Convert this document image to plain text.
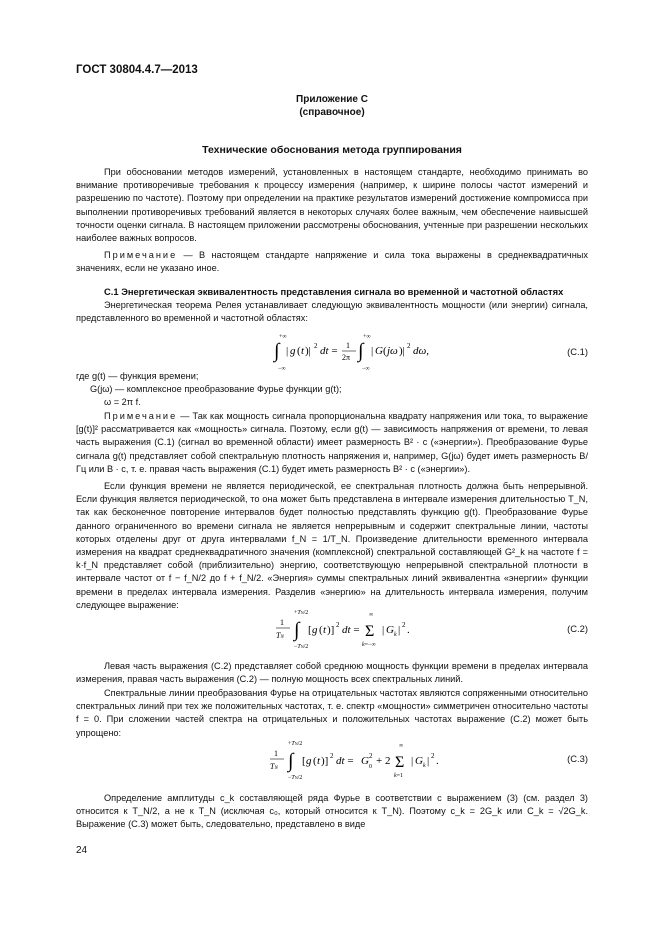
ГОСТ 30804.4.7—2013
Приложение С
(справочное)
Технические обоснования метода группирования

При обосновании методов измерений, установленных в настоящем стандарте, необходимо принимать во внимание противоречивые требования к процессу измерения (например, к ширине полосы частот измерений и разрешению по частоте). Поэтому при определении на практике результатов измерений достижение компромисса при выполнении противоречивых требований является в некоторых случаях более важным, чем обеспечение наивысшей точности оценки сигнала. В настоящем приложении рассмотрены обоснования, учтенные при разрешении нескольких наиболее важных вопросов.

Примечание — В настоящем стандарте напряжение и сила тока выражены в среднеквадратичных значениях, если не указано иное.

С.1 Энергетическая эквивалентность представления сигнала во временной и частотной областях

Энергетическая теорема Релея устанавливает следующую эквивалентность мощности (или энергии) сигнала, представленного во временной и частотной областях:

+∞
∫
−∞
| g ( t )| 2 dt = 1
2π
+∞
∫
−∞
| G ( jω )| 2 dω,	(С.1)
где g(t) — функция времени;
G(jω) — комплексное преобразование Фурье функции g(t);
ω = 2π f.

Примечание — Так как мощность сигнала пропорциональна квадрату напряжения или тока, то выражение [g(t)]² рассматривается как «мощность» сигнала. Поэтому, если g(t) — зависимость напряжения от времени, то левая часть выражения (С.1) (сигнал во временной области) имеет размерность В² · с («энергии»). Преобразование Фурье сигнала g(t) представляет собой спектральную плотность напряжения и, например, G(jω) будет иметь размерность В/Гц или В · с, т. е. правая часть выражения (С.1) будет иметь размерность В² · с («энергии»).

Если функция времени не является периодической, ее спектральная плотность должна быть непрерывной. Если функция является периодической, то она может быть представлена в интервале измерения длительностью T_N, так как бесконечное повторение интервалов будет полностью представлять функцию g(t). Преобразование Фурье данного ограниченного во времени сигнала не является непрерывным и содержит спектральные линии, частоты которых отделены друг от друга интервалами f_N = 1/T_N. Произведение длительности временного интервала измерения на квадрат среднеквадратичного значения (комплексной) спектральной составляющей G²_k на частоте f = k·f_N представляет собой (приблизительно) энергию, соответствующую непрерывной спектральной плотности в интервале частот от f − f_N/2 до f + f_N/2. «Энергия» суммы спектральных линий эквивалентна «энергии» функции времени в пределах интервала измерения. Разделив «энергию» на длительность интервала измерения, получим следующее выражение:

1
TN
+TN/2
∫
−TN/2
[ g ( t )] 2 dt =
∞
Σ
k=−∞
| G k | 2 .	(С.2)

Левая часть выражения (С.2) представляет собой среднюю мощность функции времени в пределах интервала измерения, правая часть выражения (С.2) — полную мощность всех спектральных линий.

Спектральные линии преобразования Фурье на отрицательных частотах являются сопряженными относительно спектральных линий при тех же положительных частотах, т. е. спектр «мощности» симметричен относительно частоты f = 0. При сложении частей спектра на отрицательных и положительных частотах выражение (С.2) может быть упрощено:

1
TN
+TN/2
∫
−TN/2
[ g ( t )] 2 dt = G 0
2 + 2
∞
Σ
k=1
| G k | 2 .	(С.3)

Определение амплитуды c_k составляющей ряда Фурье в соответствии с выражением (3) (см. раздел 3) относится к T_N/2, а не к T_N (исключая c₀, который относится к T_N). Поэтому c_k = 2G_k или C_k = √2G_k. Выражение (С.3) может быть, следовательно, представлено в виде

24
